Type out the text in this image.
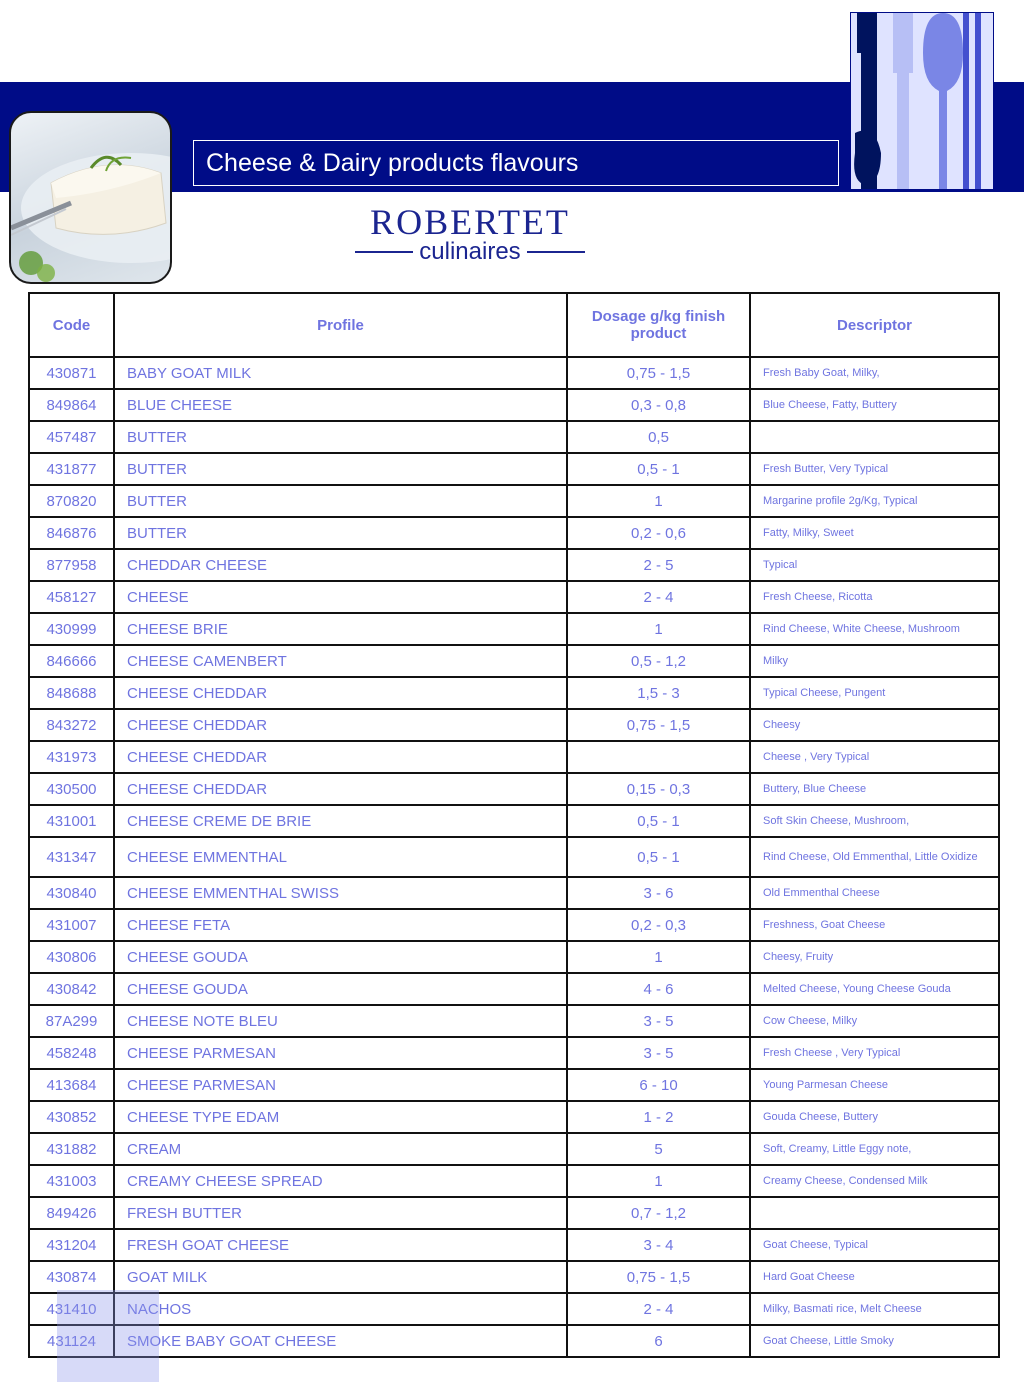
Cheese & Dairy products flavours
ROBERTET
culinaires
Code	Profile	Dosage g/kg finish product	Descriptor
430871	BABY GOAT MILK	0,75 - 1,5	Fresh Baby Goat, Milky,
849864	BLUE CHEESE	0,3 - 0,8	Blue Cheese, Fatty, Buttery
457487	BUTTER	0,5	
431877	BUTTER	0,5 - 1	Fresh Butter, Very Typical
870820	BUTTER	1	Margarine profile 2g/Kg, Typical
846876	BUTTER	0,2 - 0,6	Fatty, Milky, Sweet
877958	CHEDDAR CHEESE	2 - 5	Typical
458127	CHEESE	2 - 4	Fresh Cheese, Ricotta
430999	CHEESE BRIE	1	Rind Cheese, White Cheese, Mushroom
846666	CHEESE CAMENBERT	0,5 - 1,2	Milky
848688	CHEESE CHEDDAR	1,5 - 3	Typical Cheese, Pungent
843272	CHEESE CHEDDAR	0,75 - 1,5	Cheesy
431973	CHEESE CHEDDAR		Cheese , Very Typical
430500	CHEESE CHEDDAR	0,15 - 0,3	Buttery, Blue Cheese
431001	CHEESE CREME DE BRIE	0,5 - 1	Soft Skin Cheese, Mushroom,
431347	CHEESE EMMENTHAL	0,5 - 1	Rind Cheese, Old Emmenthal, Little Oxidize
430840	CHEESE EMMENTHAL SWISS	3 - 6	Old Emmenthal Cheese
431007	CHEESE FETA	0,2 - 0,3	Freshness, Goat Cheese
430806	CHEESE GOUDA	1	Cheesy, Fruity
430842	CHEESE GOUDA	4 - 6	Melted Cheese, Young Cheese Gouda
87A299	CHEESE NOTE BLEU	3 - 5	Cow Cheese, Milky
458248	CHEESE PARMESAN	3 - 5	Fresh Cheese , Very Typical
413684	CHEESE PARMESAN	6 - 10	Young Parmesan Cheese
430852	CHEESE TYPE EDAM	1 - 2	Gouda Cheese, Buttery
431882	CREAM	5	Soft, Creamy, Little Eggy note,
431003	CREAMY CHEESE SPREAD	1	Creamy Cheese, Condensed Milk
849426	FRESH BUTTER	0,7 - 1,2	
431204	FRESH GOAT CHEESE	3 - 4	Goat Cheese, Typical
430874	GOAT MILK	0,75 - 1,5	Hard Goat Cheese
431410	NACHOS	2 - 4	Milky, Basmati rice, Melt Cheese
431124	SMOKE BABY GOAT CHEESE	6	Goat Cheese, Little Smoky
